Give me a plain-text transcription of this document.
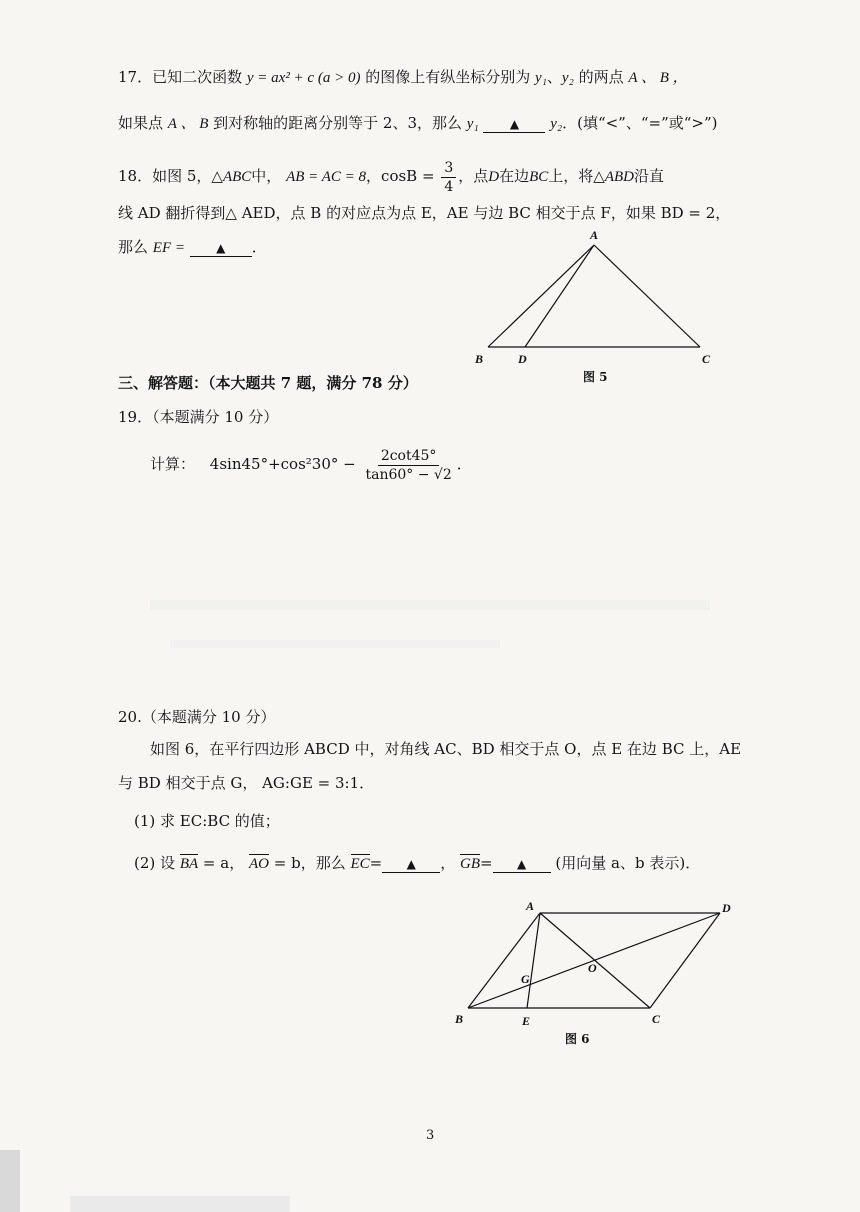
17．已知二次函数 y = ax² + c (a > 0) 的图像上有纵坐标分别为 y₁、y₂ 的两点 A 、 B ，
如果点 A 、 B 到对称轴的距离分别等于 2、3，那么 y₁	▲ y₂．(填“<”、“=”或“>”)
18．如图 5，△ABC中， AB = AC = 8，$\cos B = \frac{3}{4}$ ，点D在边BC上，将△ABD沿直
线 AD 翻折得到△ AED，点 B 的对应点为点 E，AE 与边 BC 相交于点 F，如果 BD = 2，
那么 EF =	▲ ．
A
B	D	C
图 5
三、解答题：（本大题共 7 题，满分 78 分）
19．（本题满分 10 分）
计算： $4\sin 45^\circ+\cos^230^\circ - \frac{2\cot 45^\circ}{\tan 60^\circ - √2}$ ．
20.（本题满分 10 分）
如图 6，在平行四边形 ABCD 中，对角线 AC、BD 相交于点 O，点 E 在边 BC 上，AE
与 BD 相交于点 G， AG:GE = 3:1．
(1) 求 EC:BC 的值；
(2) 设 BA = a， AO = b，那么 EC= ▲ ， GB= ▲ (用向量 a、b 表示)．
A	D
G
O
B	E	C
图 6
3
